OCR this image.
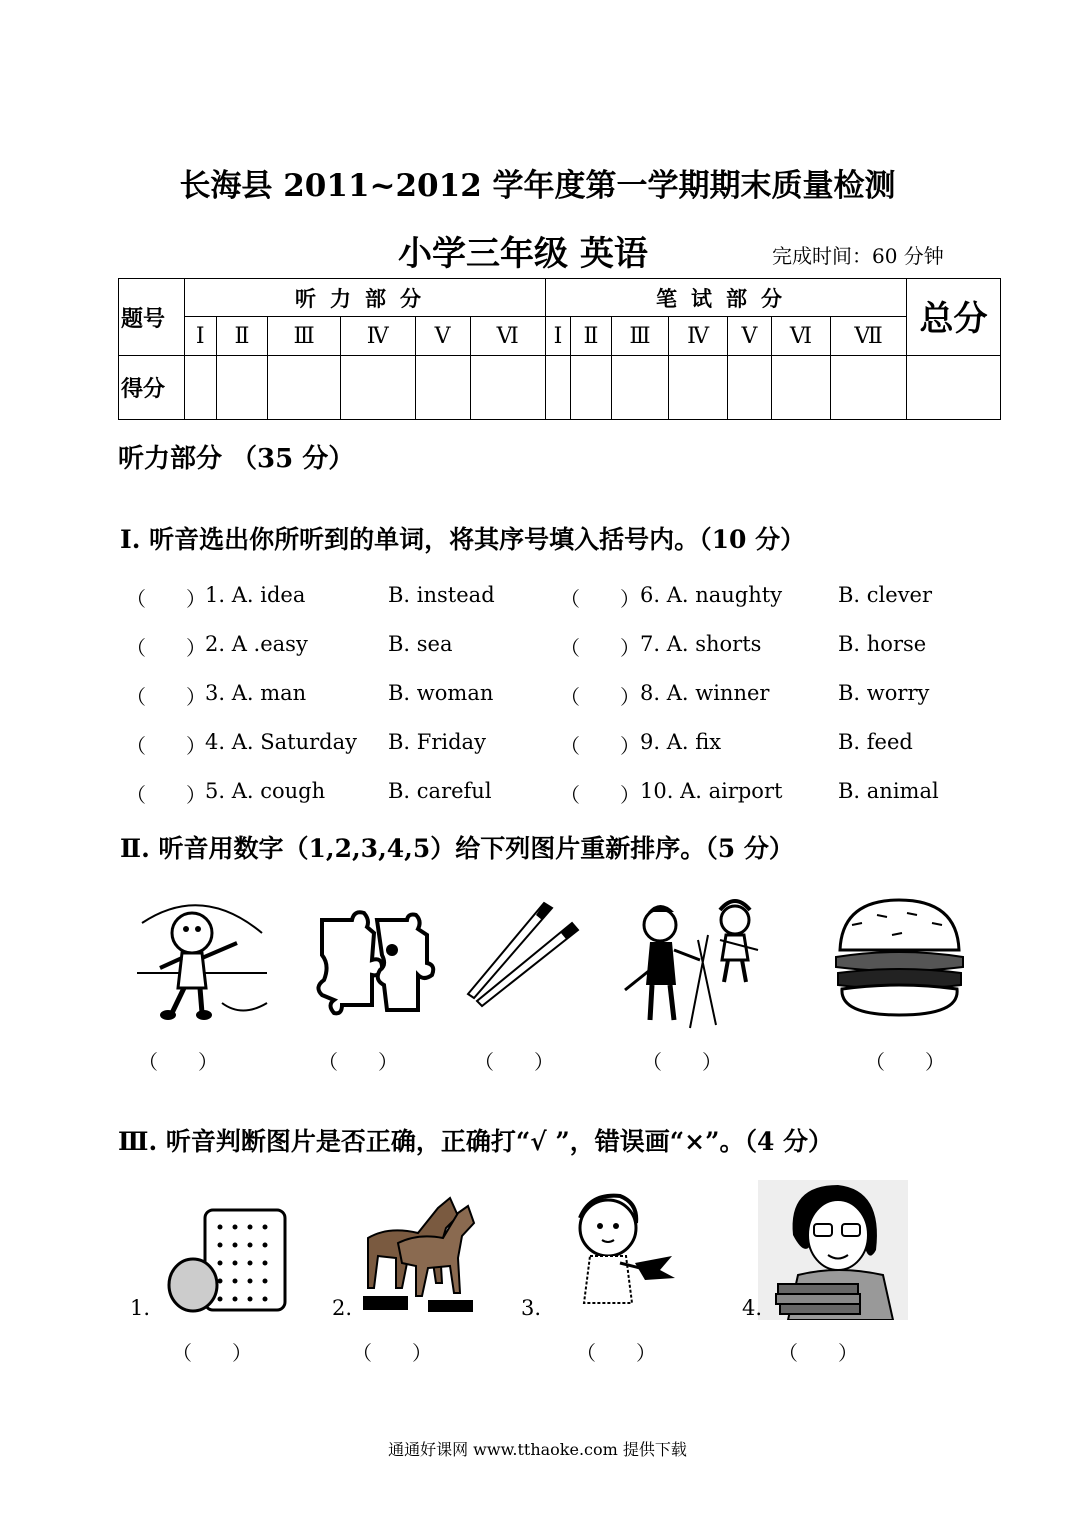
长海县 2011~2012 学年度第一学期期末质量检测
小学三年级 英语	完成时间：60 分钟
题号	听力部分						笔试部分							总分
	Ⅰ	Ⅱ	Ⅲ	Ⅳ	Ⅴ	Ⅵ	Ⅰ	Ⅱ	Ⅲ	Ⅳ	Ⅴ	Ⅵ	Ⅶ	
得分														
听力部分 （35 分）
Ⅰ. 听音选出你所听到的单词，将其序号填入括号内。（10 分）
（　　） 1. A. idea	B. instead	（　　） 6. A. naughty	B. clever
（　　） 2. A .easy	B. sea	（　　） 7. A. shorts	B. horse
（　　） 3. A. man	B. woman	（　　） 8. A. winner	B. worry
（　　） 4. A. Saturday B. Friday	（　　） 9. A. fix	B. feed
（　　） 5. A. cough	B. careful	（　　） 10. A. airport	B. animal
Ⅱ. 听音用数字（1,2,3,4,5）给下列图片重新排序。（5 分）
（　　）	（　　）	（　　）	（　　）	（　　）
Ⅲ. 听音判断图片是否正确，正确打“√ ”，错误画“×”。（4 分）
1.
（　　）
2.
（　　）
3.
（　　）
4.
（　　）
通通好课网 www.tthaoke.com 提供下载
